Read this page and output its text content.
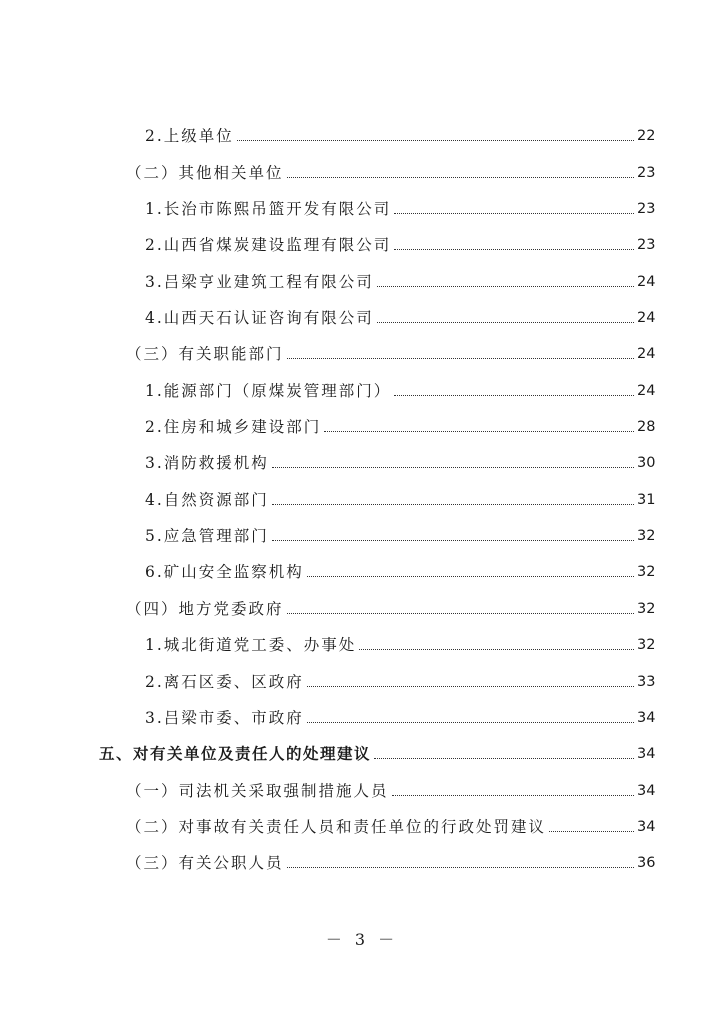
2.上级单位	22
（二）其他相关单位	23
1.长治市陈熙吊篮开发有限公司	23
2.山西省煤炭建设监理有限公司	23
3.吕梁亨业建筑工程有限公司	24
4.山西天石认证咨询有限公司	24
（三）有关职能部门	24
1.能源部门（原煤炭管理部门）	24
2.住房和城乡建设部门	28
3.消防救援机构	30
4.自然资源部门	31
5.应急管理部门	32
6.矿山安全监察机构	32
（四）地方党委政府	32
1.城北街道党工委、办事处	32
2.离石区委、区政府	33
3.吕梁市委、市政府	34
五、对有关单位及责任人的处理建议	34
（一）司法机关采取强制措施人员	34
（二）对事故有关责任人员和责任单位的行政处罚建议	34
（三）有关公职人员	36
－ 3 －
